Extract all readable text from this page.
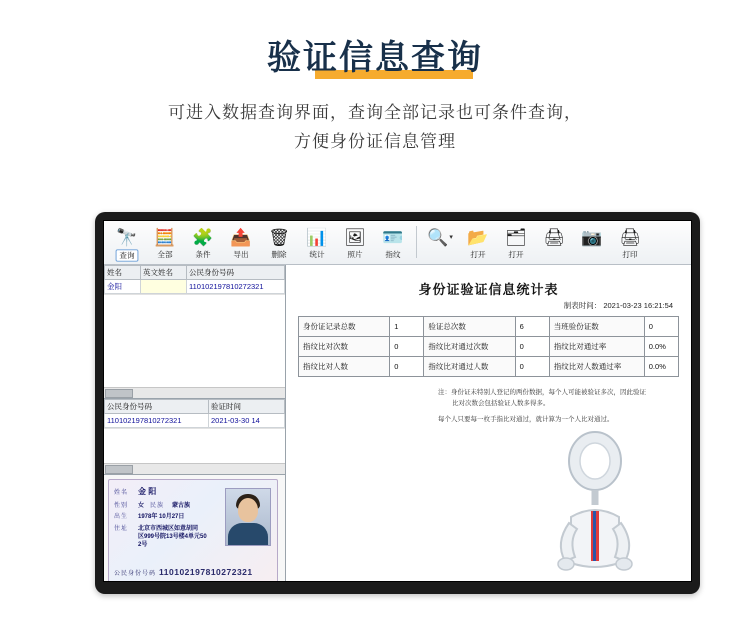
验证信息查询
可进入数据查询界面，查询全部记录也可条件查询，
方便身份证信息管理
🔭
查询
🧮
全部
🧩
条件
📤
导出
🗑
删除
📊
统计
🖼
照片
🪪
指纹
🔍 ▾ 📂
打开
🗂
打开
🖨 📷 🖨
打印
姓名	英文姓名	公民身份号码
金阳		110102197810272321
公民身份号码	验证时间
110102197810272321	2021-03-30 14
姓名	金 阳
性别	女 民族	蒙古族
出生	1978年 10月27日
住址	北京市西城区如意胡同
区999号院13号楼4单元50
2号
公民身份号码 110102197810272321
身份证验证信息统计表
制表时间： 2021-03-23 16:21:54
身份证记录总数	1	验证总次数	6	当班验份证数	0
指纹比对次数	0	指纹比对通过次数	0	指纹比对通过率	0.0%
指纹比对人数	0	指纹比对通过人数	0	指纹比对人数通过率	0.0%
注：身份证未特别人登记的两份数据，每个人可能被验证多次，因此验证
比对次数会包括验证人数多得多。
每个人只要每一枚手指比对通过，就计算为一个人比对通过。
